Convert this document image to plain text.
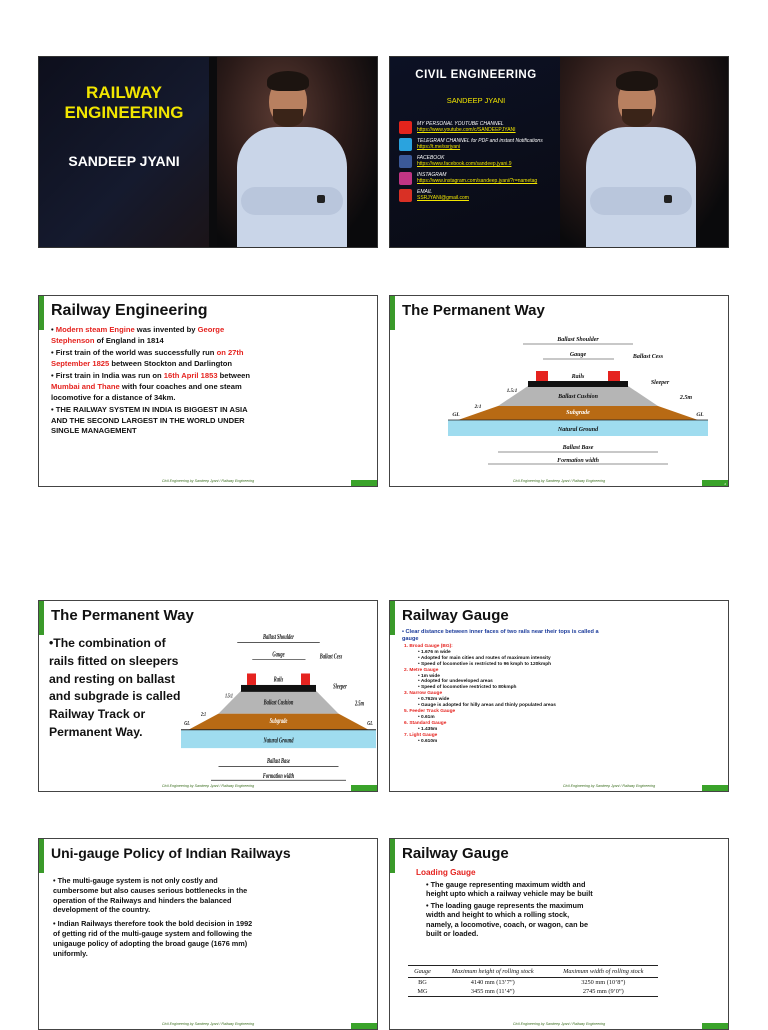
RAILWAY
ENGINEERING
SANDEEP JYANI
CIVIL ENGINEERING
SANDEEP JYANI
MY PERSONAL YOUTUBE CHANNEL
https://www.youtube.com/c/SANDEEPJYANI
TELEGRAM CHANNEL for PDF and instant Notifications
https://t.me/ssrjyani
FACEBOOK
https://www.facebook.com/sandeep.jyani.9
INSTAGRAM
https://www.instagram.com/sandeep.jyani/?r=nametag
EMAIL
SSRJYANI@gmail.com
Railway Engineering
• Modern steam Engine was invented by George Stephenson of England in 1814
• First train of the world was successfully run on 27th September 1825 between Stockton and Darlington
• First train in India was run on 16th April 1853 between Mumbai and Thane with four coaches and one steam locomotive for a distance of 34km.
• THE RAILWAY SYSTEM IN INDIA IS BIGGEST IN ASIA AND THE SECOND LARGEST IN THE WORLD UNDER SINGLE MANAGEMENT
Civil Engineering by Sandeep Jyani / Railway Engineering
The Permanent Way
Ballast Shoulder
Gauge	Ballast Cess
Rails
Sleeper
Ballast Cushion
Subgrade
Natural Ground
Ballast Base
Formation width
GL	GL
2.5m
2:1
1.5:1
Civil Engineering by Sandeep Jyani / Railway Engineering
2
The Permanent Way
•The combination of rails fitted on sleepers and resting on ballast and subgrade is called Railway Track or Permanent Way.
Ballast Shoulder
Gauge	Ballast Cess
Rails
Sleeper
Ballast Cushion
Subgrade
Natural Ground
Ballast Base
Formation width
GL	GL
2.5m
2:1
1.5:1
Civil Engineering by Sandeep Jyani / Railway Engineering
Railway Gauge
• Clear distance between inner faces of two rails near their tops is called a gauge
1. Broad Gauge (BG):
• 1.676 m wide
• Adopted for main cities and routes of maximum intensity
• Speed of locomotive is restricted to 96 kmph to 120kmph
2. Metre Gauge
• 1m wide
• Adopted for undeveloped areas
• Speed of locomotive restricted to 80kmph
3. Narrow Gauge
• 0.762m wide
• Gauge is adopted for hilly areas and thinly populated areas
5. Feeder Track Gauge
• 0.61m
6. Standard Gauge
• 1.435m
7. Light Gauge
• 0.610m
Civil Engineering by Sandeep Jyani / Railway Engineering
Uni-gauge Policy of Indian Railways
• The multi-gauge system is not only costly and cumbersome but also causes serious bottlenecks in the operation of the Railways and hinders the balanced development of the country.
• Indian Railways therefore took the bold decision in 1992 of getting rid of the multi-gauge system and following the unigauge policy of adopting the broad gauge (1676 mm) uniformly.
Civil Engineering by Sandeep Jyani / Railway Engineering
Railway Gauge
Loading Gauge
• The gauge representing maximum width and height upto which a railway vehicle may be built
• The loading gauge represents the maximum width and height to which a rolling stock, namely, a locomotive, coach, or wagon, can be built or loaded.
Gauge	Maximum height of rolling stock	Maximum width of rolling stock
BG	4140 mm (13’7”)	3250 mm (10’8”)
MG	3455 mm (11’4”)	2745 mm (9’0”)
Civil Engineering by Sandeep Jyani / Railway Engineering
